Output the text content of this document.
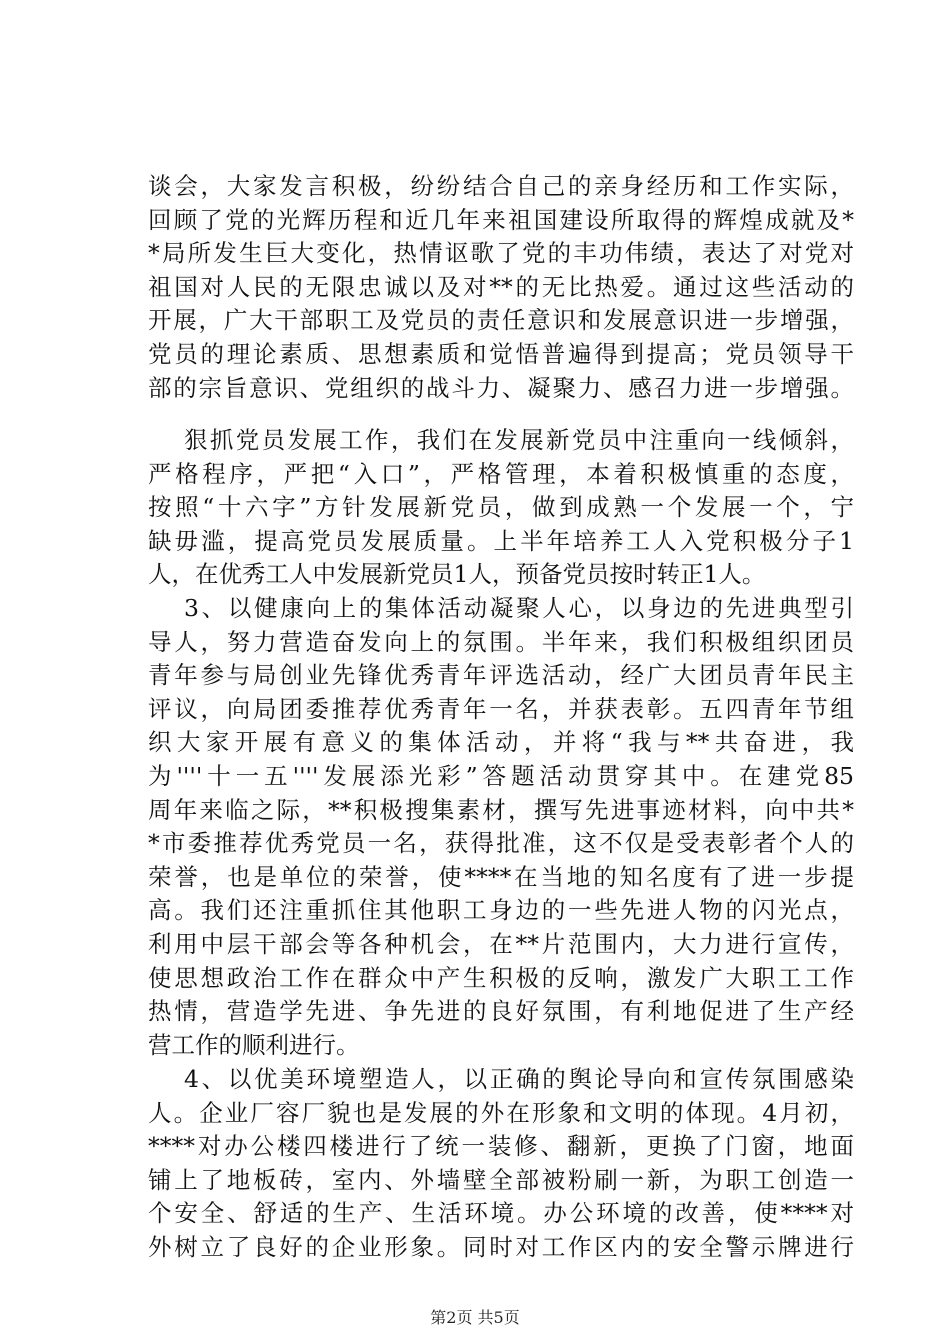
谈会，大家发言积极，纷纷结合自己的亲身经历和工作实际，
回顾了党的光辉历程和近几年来祖国建设所取得的辉煌成就及*
*局所发生巨大变化，热情讴歌了党的丰功伟绩，表达了对党对
祖国对人民的无限忠诚以及对**的无比热爱。通过这些活动的
开展，广大干部职工及党员的责任意识和发展意识进一步增强，
党员的理论素质、思想素质和觉悟普遍得到提高；党员领导干
部的宗旨意识、党组织的战斗力、凝聚力、感召力进一步增强。
狠抓党员发展工作，我们在发展新党员中注重向一线倾斜，
严格程序，严把“入口”，严格管理，本着积极慎重的态度，
按照“十六字”方针发展新党员，做到成熟一个发展一个，宁
缺毋滥，提高党员发展质量。上半年培养工人入党积极分子1
人，在优秀工人中发展新党员1人，预备党员按时转正1人。
3、以健康向上的集体活动凝聚人心，以身边的先进典型引
导人，努力营造奋发向上的氛围。半年来，我们积极组织团员
青年参与局创业先锋优秀青年评选活动，经广大团员青年民主
评议，向局团委推荐优秀青年一名，并获表彰。五四青年节组
织大家开展有意义的集体活动，并将“我与**共奋进，我
为''''十一五''''发展添光彩”答题活动贯穿其中。在建党85
周年来临之际，**积极搜集素材，撰写先进事迹材料，向中共*
*市委推荐优秀党员一名，获得批准，这不仅是受表彰者个人的
荣誉，也是单位的荣誉，使****在当地的知名度有了进一步提
高。我们还注重抓住其他职工身边的一些先进人物的闪光点，
利用中层干部会等各种机会，在**片范围内，大力进行宣传，
使思想政治工作在群众中产生积极的反响，激发广大职工工作
热情，营造学先进、争先进的良好氛围，有利地促进了生产经
营工作的顺利进行。
4、以优美环境塑造人，以正确的舆论导向和宣传氛围感染
人。企业厂容厂貌也是发展的外在形象和文明的体现。4月初，
****对办公楼四楼进行了统一装修、翻新，更换了门窗，地面
铺上了地板砖，室内、外墙壁全部被粉刷一新，为职工创造一
个安全、舒适的生产、生活环境。办公环境的改善，使****对
外树立了良好的企业形象。同时对工作区内的安全警示牌进行
第2页 共5页
